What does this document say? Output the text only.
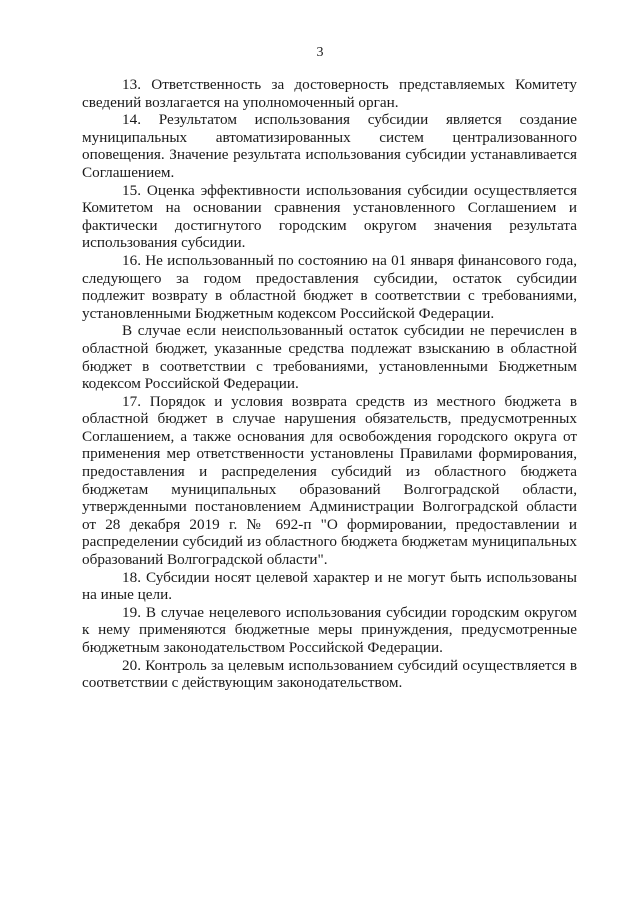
3

13. Ответственность за достоверность представляемых Комитету сведений возлагается на уполномоченный орган.

14. Результатом использования субсидии является создание муниципальных автоматизированных систем централизованного оповещения. Значение результата использования субсидии устанавливается Соглашением.

15. Оценка эффективности использования субсидии осуществляется Комитетом на основании сравнения установленного Соглашением и фактически достигнутого городским округом значения результата использования субсидии.

16. Не использованный по состоянию на 01 января финансового года, следующего за годом предоставления субсидии, остаток субсидии подлежит возврату в областной бюджет в соответствии с требованиями, установленными Бюджетным кодексом Российской Федерации.

В случае если неиспользованный остаток субсидии не перечислен в областной бюджет, указанные средства подлежат взысканию в областной бюджет в соответствии с требованиями, установленными Бюджетным кодексом Российской Федерации.

17. Порядок и условия возврата средств из местного бюджета в областной бюджет в случае нарушения обязательств, предусмотренных Соглашением, а также основания для освобождения городского округа от применения мер ответственности установлены Правилами формирования, предоставления и распределения субсидий из областного бюджета бюджетам муниципальных образований Волгоградской области, утвержденными постановлением Администрации Волгоградской области от 28 декабря 2019 г. № 692-п "О формировании, предоставлении и распределении субсидий из областного бюджета бюджетам муниципальных образований Волгоградской области".

18. Субсидии носят целевой характер и не могут быть использованы на иные цели.

19. В случае нецелевого использования субсидии городским округом к нему применяются бюджетные меры принуждения, предусмотренные бюджетным законодательством Российской Федерации.

20. Контроль за целевым использованием субсидий осуществляется в соответствии с действующим законодательством.
